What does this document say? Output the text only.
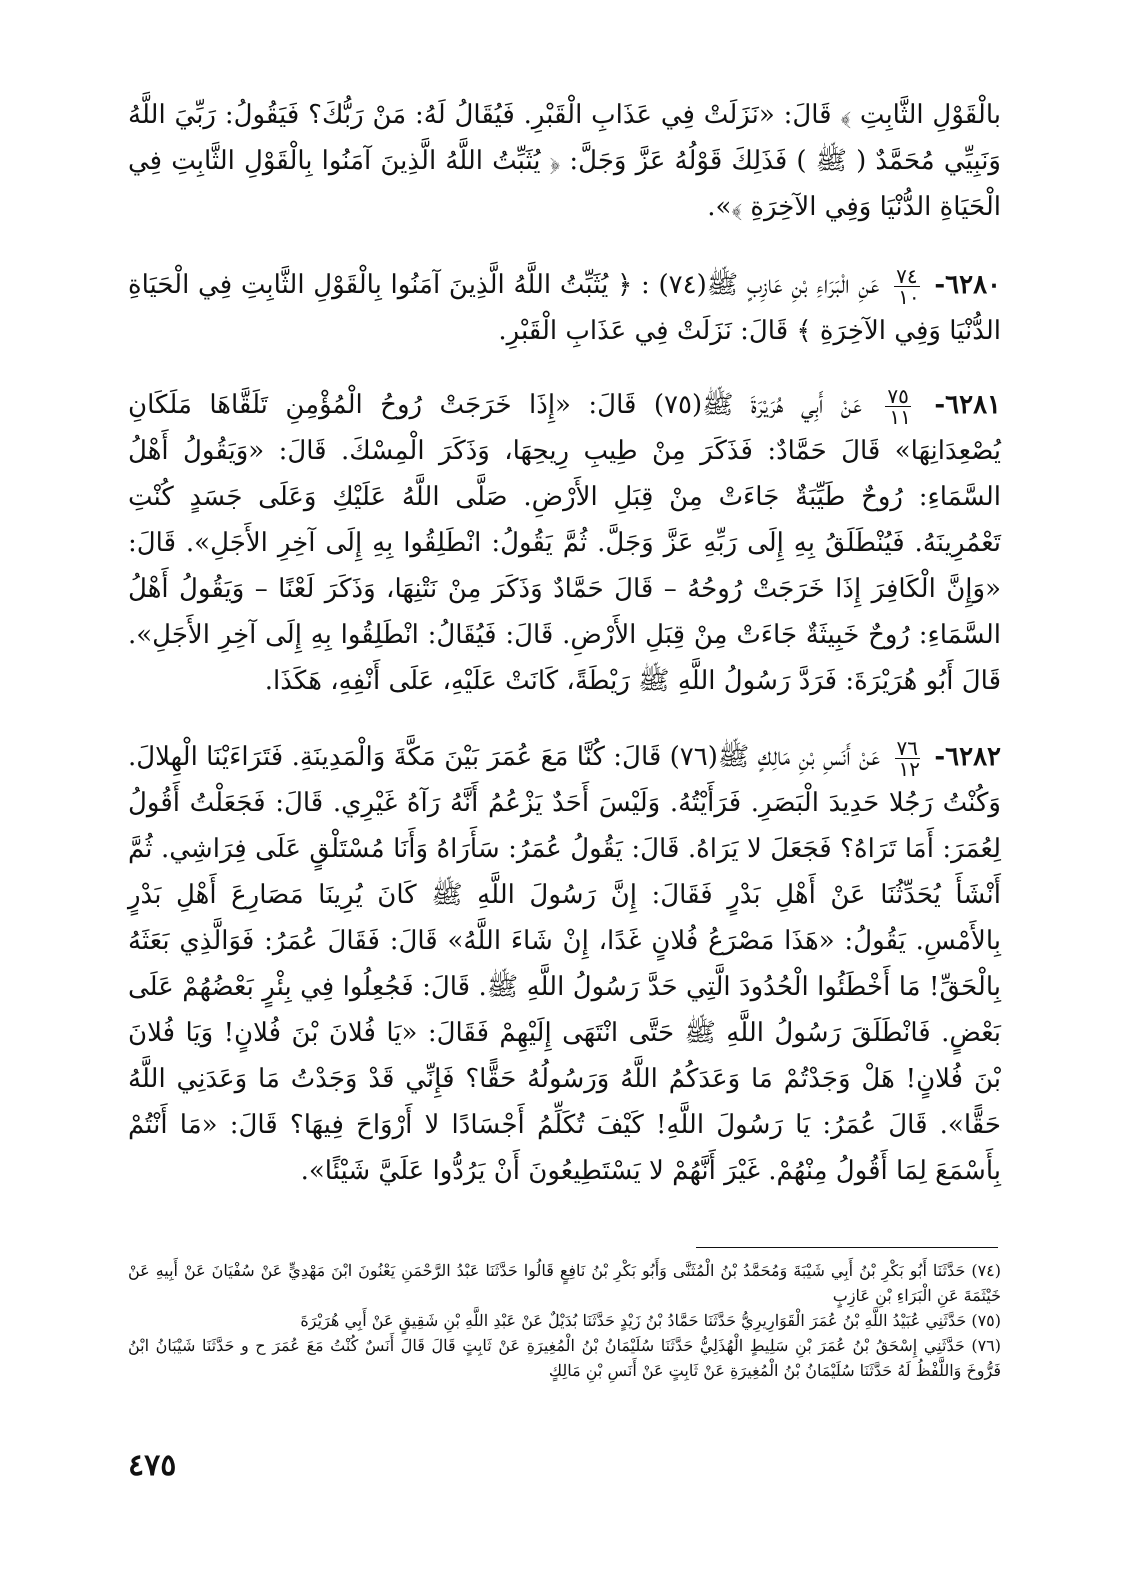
بالْقَوْلِ الثَّابِتِ ﴾ قَالَ: «نَزَلَتْ فِي عَذَابِ الْقَبْرِ. فَيُقَالُ لَهُ: مَنْ رَبُّكَ؟ فَيَقُولُ: رَبِّيَ اللَّهُ وَنَبِيِّي مُحَمَّدٌ ( ﷺ ) فَذَلِكَ قَوْلُهُ عَزَّ وَجَلَّ: ﴿ يُثَبِّتُ اللَّهُ الَّذِينَ آمَنُوا بِالْقَوْلِ الثَّابِتِ فِي الْحَيَاةِ الدُّنْيَا وَفِي الآخِرَةِ ﴾».

٦٢٨٠-
$\frac{٧٤}{١٠}$
عَنِ الْبَرَاءِ بْنِ عَازِبٍ ﷺ(٧٤) : ﴿ يُثَبِّتُ اللَّهُ الَّذِينَ آمَنُوا بِالْقَوْلِ الثَّابِتِ فِي الْحَيَاةِ الدُّنْيَا وَفِي الآخِرَةِ ﴾ قَالَ: نَزَلَتْ فِي عَذَابِ الْقَبْرِ.

٦٢٨١-
$\frac{٧٥}{١١}$
عَنْ أَبِي هُرَيْرَةَ ﷺ(٧٥) قَالَ: «إِذَا خَرَجَتْ رُوحُ الْمُؤْمِنِ تَلَقَّاهَا مَلَكَانِ يُصْعِدَانِهَا» قَالَ حَمَّادٌ: فَذَكَرَ مِنْ طِيبِ رِيحِهَا، وَذَكَرَ الْمِسْكَ. قَالَ: «وَيَقُولُ أَهْلُ السَّمَاءِ: رُوحٌ طَيِّبَةٌ جَاءَتْ مِنْ قِبَلِ الأَرْضِ. صَلَّى اللَّهُ عَلَيْكِ وَعَلَى جَسَدٍ كُنْتِ تَعْمُرِينَهُ. فَيُنْطَلَقُ بِهِ إِلَى رَبِّهِ عَزَّ وَجَلَّ. ثُمَّ يَقُولُ: انْطَلِقُوا بِهِ إِلَى آخِرِ الأَجَلِ». قَالَ: «وَإِنَّ الْكَافِرَ إِذَا خَرَجَتْ رُوحُهُ – قَالَ حَمَّادٌ وَذَكَرَ مِنْ نَتْنِهَا، وَذَكَرَ لَعْنًا – وَيَقُولُ أَهْلُ السَّمَاءِ: رُوحٌ خَبِيثَةٌ جَاءَتْ مِنْ قِبَلِ الأَرْضِ. قَالَ: فَيُقَالُ: انْطَلِقُوا بِهِ إِلَى آخِرِ الأَجَلِ». قَالَ أَبُو هُرَيْرَةَ: فَرَدَّ رَسُولُ اللَّهِ ﷺ رَيْطَةً، كَانَتْ عَلَيْهِ، عَلَى أَنْفِهِ، هَكَذَا.

٦٢٨٢-
$\frac{٧٦}{١٢}$
عَنْ أَنَسِ بْنِ مَالِكٍ ﷺ(٧٦) قَالَ: كُنَّا مَعَ عُمَرَ بَيْنَ مَكَّةَ وَالْمَدِينَةِ. فَتَرَاءَيْنَا الْهِلالَ. وَكُنْتُ رَجُلا حَدِيدَ الْبَصَرِ. فَرَأَيْتُهُ. وَلَيْسَ أَحَدٌ يَزْعُمُ أَنَّهُ رَآهُ غَيْرِي. قَالَ: فَجَعَلْتُ أَقُولُ لِعُمَرَ: أَمَا تَرَاهُ؟ فَجَعَلَ لا يَرَاهُ. قَالَ: يَقُولُ عُمَرُ: سَأَرَاهُ وَأَنَا مُسْتَلْقٍ عَلَى فِرَاشِي. ثُمَّ أَنْشَأَ يُحَدِّثُنَا عَنْ أَهْلِ بَدْرٍ فَقَالَ: إِنَّ رَسُولَ اللَّهِ ﷺ كَانَ يُرِينَا مَصَارِعَ أَهْلِ بَدْرٍ بِالأَمْسِ. يَقُولُ: «هَذَا مَصْرَعُ فُلانٍ غَدًا، إِنْ شَاءَ اللَّهُ» قَالَ: فَقَالَ عُمَرُ: فَوَالَّذِي بَعَثَهُ بِالْحَقِّ! مَا أَخْطَئُوا الْحُدُودَ الَّتِي حَدَّ رَسُولُ اللَّهِ ﷺ. قَالَ: فَجُعِلُوا فِي بِئْرٍ بَعْضُهُمْ عَلَى بَعْضٍ. فَانْطَلَقَ رَسُولُ اللَّهِ ﷺ حَتَّى انْتَهَى إِلَيْهِمْ فَقَالَ: «يَا فُلانَ بْنَ فُلانٍ! وَيَا فُلانَ بْنَ فُلانٍ! هَلْ وَجَدْتُمْ مَا وَعَدَكُمُ اللَّهُ وَرَسُولُهُ حَقًّا؟ فَإِنِّي قَدْ وَجَدْتُ مَا وَعَدَنِي اللَّهُ حَقًّا». قَالَ عُمَرُ: يَا رَسُولَ اللَّهِ! كَيْفَ تُكَلِّمُ أَجْسَادًا لا أَرْوَاحَ فِيهَا؟ قَالَ: «مَا أَنْتُمْ بِأَسْمَعَ لِمَا أَقُولُ مِنْهُمْ. غَيْرَ أَنَّهُمْ لا يَسْتَطِيعُونَ أَنْ يَرُدُّوا عَلَيَّ شَيْئًا».

(٧٤) حَدَّثَنَا أَبُو بَكْرِ بْنُ أَبِي شَيْبَةَ وَمُحَمَّدُ بْنُ الْمُثَنَّى وَأَبُو بَكْرِ بْنُ نَافِعٍ قَالُوا حَدَّثَنَا عَبْدُ الرَّحْمَنِ يَعْنُونَ ابْنَ مَهْدِيٍّ عَنْ سُفْيَانَ عَنْ أَبِيهِ عَنْ خَيْثَمَةَ عَنِ الْبَرَاءِ بْنِ عَازِبٍ

(٧٥) حَدَّثَنِي عُبَيْدُ اللَّهِ بْنُ عُمَرَ الْقَوَارِيرِيُّ حَدَّثَنَا حَمَّادُ بْنُ زَيْدٍ حَدَّثَنَا بُدَيْلٌ عَنْ عَبْدِ اللَّهِ بْنِ شَقِيقٍ عَنْ أَبِي هُرَيْرَةَ

(٧٦) حَدَّثَنِي إِسْحَقُ بْنُ عُمَرَ بْنِ سَلِيطٍ الْهُذَلِيُّ حَدَّثَنَا سُلَيْمَانُ بْنُ الْمُغِيرَةِ عَنْ ثَابِتٍ قَالَ قَالَ أَنَسٌ كُنْتُ مَعَ عُمَرَ ح و حَدَّثَنَا شَيْبَانُ ابْنُ فَرُّوخَ وَاللَّفْظُ لَهُ حَدَّثَنَا سُلَيْمَانُ بْنُ الْمُغِيرَةِ عَنْ ثَابِتٍ عَنْ أَنَسِ بْنِ مَالِكٍ

٤٧٥
